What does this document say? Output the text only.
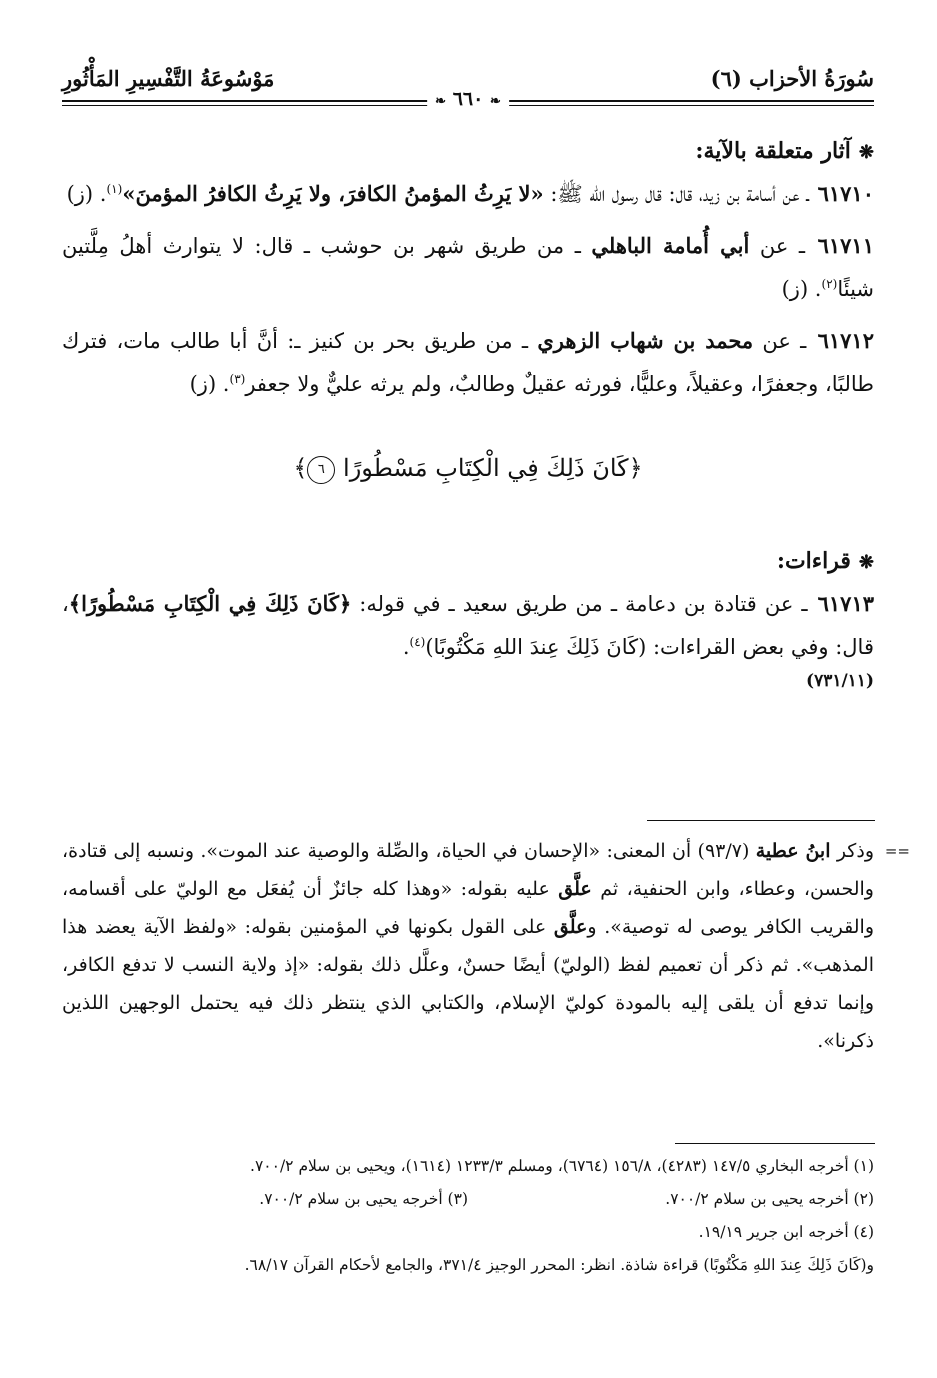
سُورَةُ الأحزاب (٦)
مَوْسُوعَةُ التَّفْسِيرِ المَأْثُورِ
❧ ٦٦٠ ❧
❋آثار متعلقة بالآية:

٦١٧١٠ ـ عن أسامة بن زيد، قال: قال رسول الله ﷺ: «لا يَرِثُ المؤمنُ الكافرَ، ولا يَرِثُ الكافرُ المؤمنَ»$^{(١)}$. (ز)

٦١٧١١ ـ عن أبي أُمامة الباهلي ـ من طريق شهر بن حوشب ـ قال: لا يتوارث أهلُ مِلَّتين شيئًا$^{(٢)}$. (ز)

٦١٧١٢ ـ عن محمد بن شهاب الزهري ـ من طريق بحر بن كنيز ـ: أنَّ أبا طالب مات، فترك طالبًا، وجعفرًا، وعقيلاً، وعليًّا، فورثه عقيلٌ وطالبٌ، ولم يرثه عليٌّ ولا جعفر$^{(٣)}$. (ز)

﴿كَانَ ذَلِكَ فِي الْكِتَابِ مَسْطُورًا ٦﴾
❋قراءات:

٦١٧١٣ ـ عن قتادة بن دعامة ـ من طريق سعيد ـ في قوله: ﴿كَانَ ذَلِكَ فِي الْكِتَابِ مَسْطُورًا﴾، قال: وفي بعض القراءات: (كَانَ ذَلِكَ عِندَ اللهِ مَكْتُوبًا)$^{(٤)}$.

(٧٣١/١١)
==
وذكر ابنُ عطية (٩٣/٧) أن المعنى: «الإحسان في الحياة، والصِّلة والوصية عند الموت». ونسبه إلى قتادة، والحسن، وعطاء، وابن الحنفية، ثم علَّق عليه بقوله: «وهذا كله جائزٌ أن يُفعَل مع الوليّ على أقسامه، والقريب الكافر يوصى له توصية». وعلَّق على القول بكونها في المؤمنين بقوله: «ولفظ الآية يعضد هذا المذهب». ثم ذكر أن تعميم لفظ (الوليّ) أيضًا حسنٌ، وعلَّل ذلك بقوله: «إذ ولاية النسب لا تدفع الكافر، وإنما تدفع أن يلقى إليه بالمودة كوليّ الإسلام، والكتابي الذي ينتظر ذلك فيه يحتمل الوجهين اللذين ذكرنا».
(١) أخرجه البخاري ١٤٧/٥ (٤٢٨٣)، ١٥٦/٨ (٦٧٦٤)، ومسلم ١٢٣٣/٣ (١٦١٤)، ويحيى بن سلام ٧٠٠/٢.
(٢) أخرجه يحيى بن سلام ٧٠٠/٢.
(٣) أخرجه يحيى بن سلام ٧٠٠/٢.
(٤) أخرجه ابن جرير ١٩/١٩.
و(كَانَ ذَلِكَ عِندَ اللهِ مَكْتُوبًا) قراءة شاذة. انظر: المحرر الوجيز ٣٧١/٤، والجامع لأحكام القرآن ٦٨/١٧.
